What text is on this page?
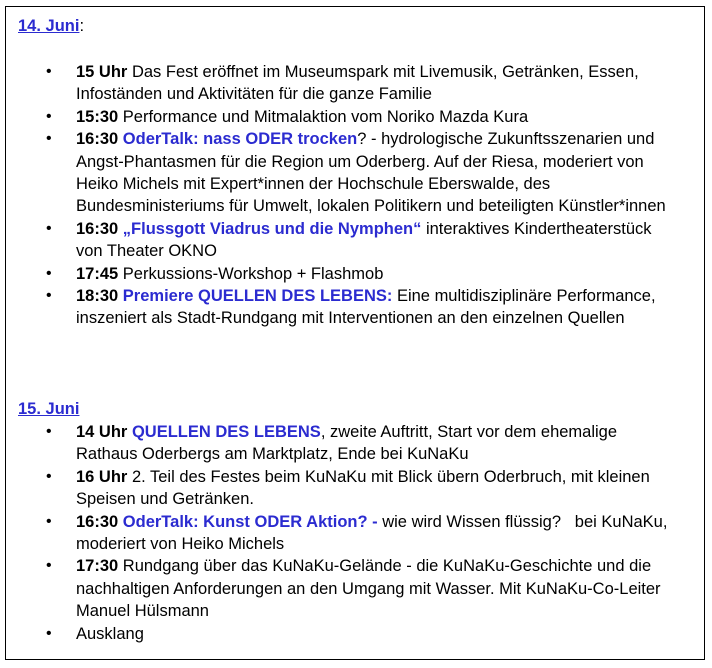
14. Juni:

• 15 Uhr Das Fest eröffnet im Museumspark mit Livemusik, Getränken, Essen, Infoständen und Aktivitäten für die ganze Familie
• 15:30 Performance und Mitmalaktion vom Noriko Mazda Kura
• 16:30 OderTalk: nass ODER trocken? - hydrologische Zukunftsszenarien und Angst-Phantasmen für die Region um Oderberg. Auf der Riesa, moderiert von Heiko Michels mit Expert*innen der Hochschule Eberswalde, des Bundesministeriums für Umwelt, lokalen Politikern und beteiligten Künstler*innen
• 16:30 „Flussgott Viadrus und die Nymphen“ interaktives Kindertheaterstück von Theater OKNO
• 17:45 Perkussions-Workshop + Flashmob
• 18:30 Premiere QUELLEN DES LEBENS: Eine multidisziplinäre Performance, inszeniert als Stadt-Rundgang mit Interventionen an den einzelnen Quellen

15. Juni

• 14 Uhr QUELLEN DES LEBENS, zweite Auftritt, Start vor dem ehemalige Rathaus Oderbergs am Marktplatz, Ende bei KuNaKu
• 16 Uhr 2. Teil des Festes beim KuNaKu mit Blick übern Oderbruch, mit kleinen Speisen und Getränken.
• 16:30 OderTalk: Kunst ODER Aktion? - wie wird Wissen flüssig?   bei KuNaKu, moderiert von Heiko Michels
• 17:30 Rundgang über das KuNaKu-Gelände - die KuNaKu-Geschichte und die nachhaltigen Anforderungen an den Umgang mit Wasser. Mit KuNaKu-Co-Leiter Manuel Hülsmann
• Ausklang
